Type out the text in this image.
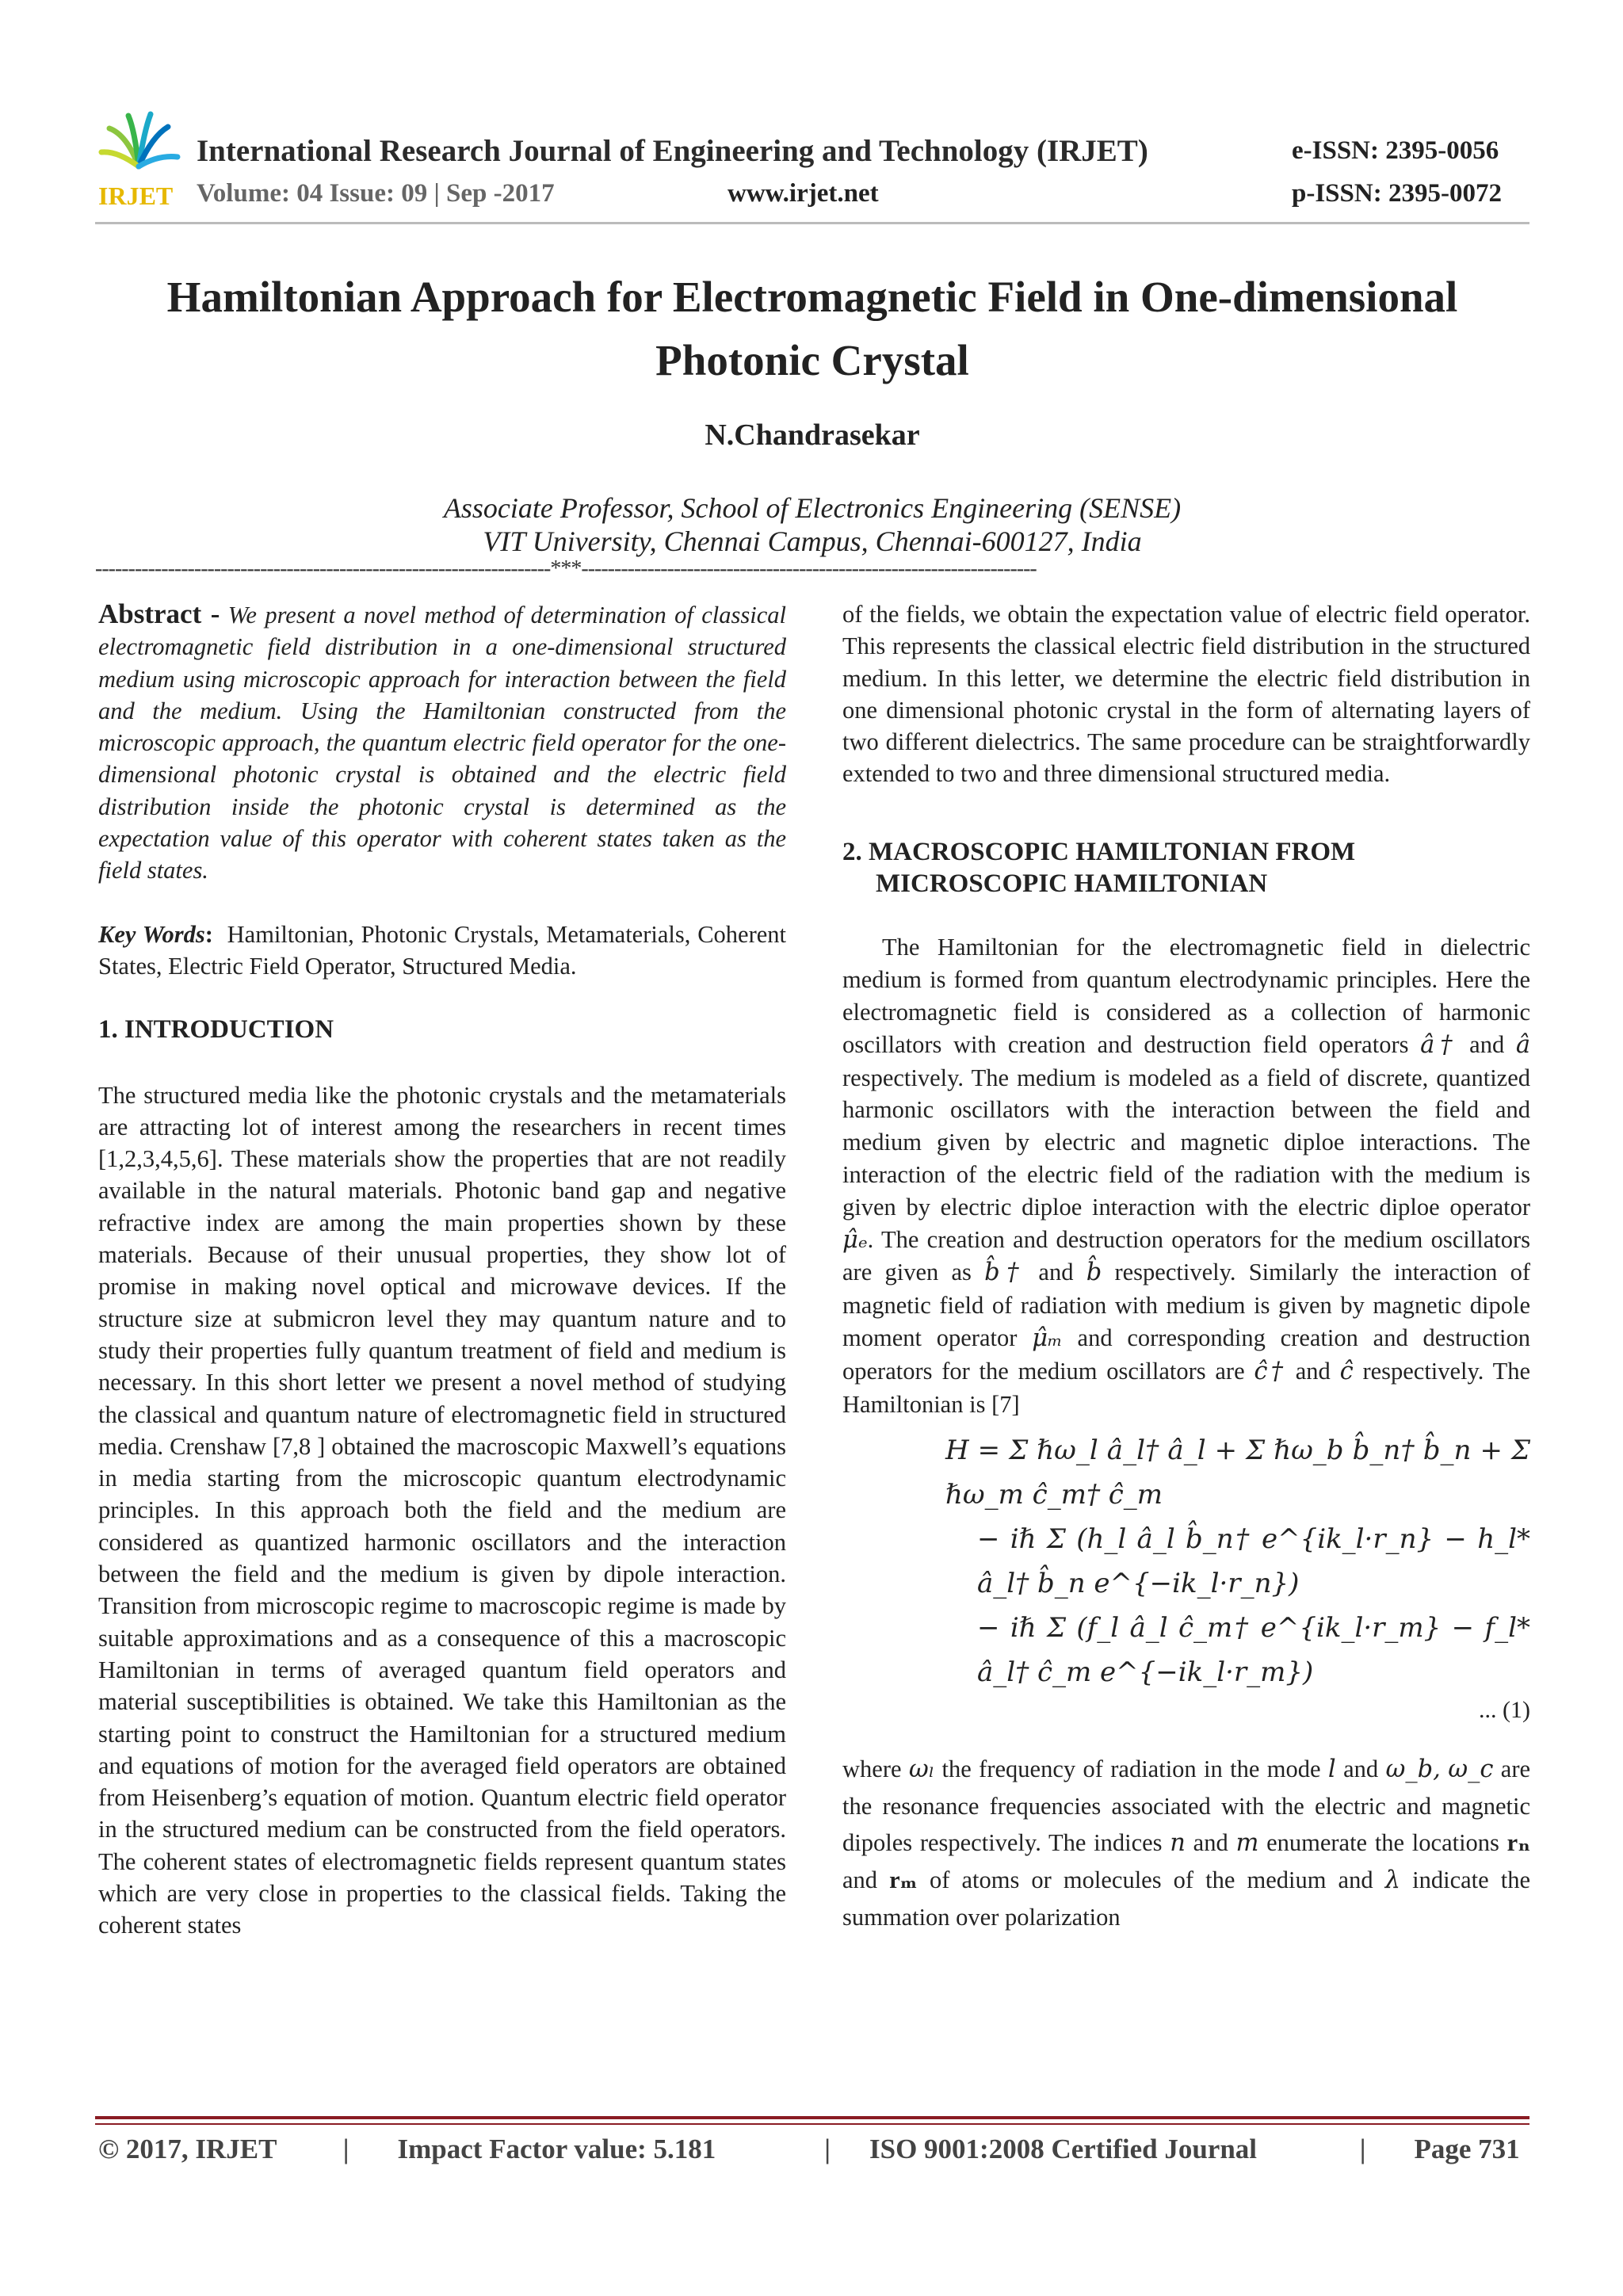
IRJET
International Research Journal of Engineering and Technology (IRJET)	e-ISSN: 2395-0056
Volume: 04 Issue: 09 | Sep -2017	www.irjet.net	p-ISSN: 2395-0072
Hamiltonian Approach for Electromagnetic Field in One-dimensional
Photonic Crystal
N.Chandrasekar
Associate Professor, School of Electronics Engineering (SENSE)
VIT University, Chennai Campus, Chennai-600127, India
---------------------------------------------------------------------***---------------------------------------------------------------------

Abstract - We present a novel method of determination of classical electromagnetic field distribution in a one-dimensional structured medium using microscopic approach for interaction between the field and the medium. Using the Hamiltonian constructed from the microscopic approach, the quantum electric field operator for the one-dimensional photonic crystal is obtained and the electric field distribution inside the photonic crystal is determined as the expectation value of this operator with coherent states taken as the field states.

Key Words: Hamiltonian, Photonic Crystals, Metamaterials, Coherent States, Electric Field Operator, Structured Media.

1. INTRODUCTION

The structured media like the photonic crystals and the metamaterials are attracting lot of interest among the researchers in recent times [1,2,3,4,5,6]. These materials show the properties that are not readily available in the natural materials. Photonic band gap and negative refractive index are among the main properties shown by these materials. Because of their unusual properties, they show lot of promise in making novel optical and microwave devices. If the structure size at submicron level they may quantum nature and to study their properties fully quantum treatment of field and medium is necessary. In this short letter we present a novel method of studying the classical and quantum nature of electromagnetic field in structured media. Crenshaw [7,8 ] obtained the macroscopic Maxwell’s equations in media starting from the microscopic quantum electrodynamic principles. In this approach both the field and the medium are considered as quantized harmonic oscillators and the interaction between the field and the medium is given by dipole interaction. Transition from microscopic regime to macroscopic regime is made by suitable approximations and as a consequence of this a macroscopic Hamiltonian in terms of averaged quantum field operators and material susceptibilities is obtained. We take this Hamiltonian as the starting point to construct the Hamiltonian for a structured medium and equations of motion for the averaged field operators are obtained from Heisenberg’s equation of motion. Quantum electric field operator in the structured medium can be constructed from the field operators. The coherent states of electromagnetic fields represent quantum states which are very close in properties to the classical fields. Taking the coherent states

of the fields, we obtain the expectation value of electric field operator. This represents the classical electric field distribution in the structured medium. In this letter, we determine the electric field distribution in one dimensional photonic crystal in the form of alternating layers of two different dielectrics. The same procedure can be straightforwardly extended to two and three dimensional structured media.

2. MACROSCOPIC HAMILTONIAN FROM
MICROSCOPIC HAMILTONIAN

The Hamiltonian for the electromagnetic field in dielectric medium is formed from quantum electrodynamic principles. Here the electromagnetic field is considered as a collection of harmonic oscillators with creation and destruction field operators â† and â respectively. The medium is modeled as a field of discrete, quantized harmonic oscillators with the interaction between the field and medium given by electric and magnetic diploe interactions. The interaction of the electric field of the radiation with the medium is given by electric diploe interaction with the electric diploe operator μ̂ₑ. The creation and destruction operators for the medium oscillators are given as b̂† and b̂ respectively. Similarly the interaction of magnetic field of radiation with medium is given by magnetic dipole moment operator μ̂ₘ and corresponding creation and destruction operators for the medium oscillators are ĉ† and ĉ respectively. The Hamiltonian is [7]

H = Σ ℏω_l â_l† â_l + Σ ℏω_b b̂_n† b̂_n + Σ ℏω_m ĉ_m† ĉ_m
− iℏ Σ (h_l â_l b̂_n† e^{ik_l·r_n} − h_l* â_l† b̂_n e^{−ik_l·r_n})
− iℏ Σ (f_l â_l ĉ_m† e^{ik_l·r_m} − f_l* â_l† ĉ_m e^{−ik_l·r_m})
... (1)

where ωₗ the frequency of radiation in the mode l and ω_b, ω_c are the resonance frequencies associated with the electric and magnetic dipoles respectively. The indices n and m enumerate the locations rₙ and rₘ of atoms or molecules of the medium and λ indicate the summation over polarization

© 2017, IRJET | Impact Factor value: 5.181	| ISO 9001:2008 Certified Journal	| Page 731
